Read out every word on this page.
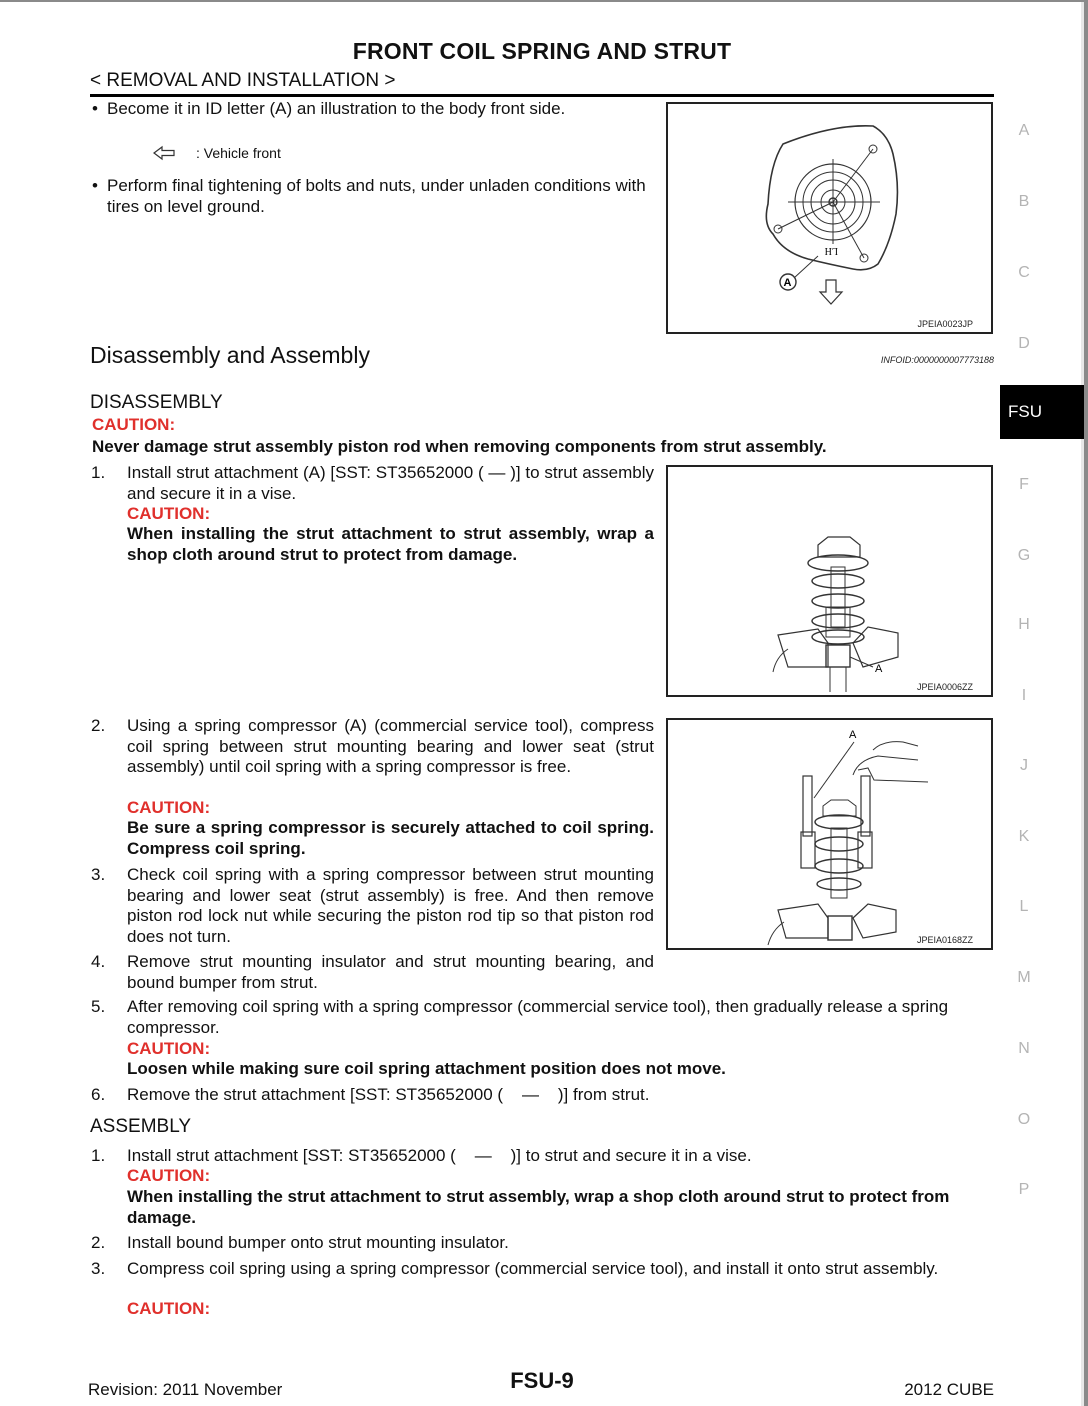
FRONT COIL SPRING AND STRUT
< REMOVAL AND INSTALLATION >
• Become it in ID letter (A) an illustration to the body front side.
: Vehicle front
• Perform final tightening of bolts and nuts, under unladen conditions with tires on level ground.
LH
A
JPEIA0023JP
Disassembly and Assembly	INFOID:0000000007773188
DISASSEMBLY
CAUTION:
Never damage strut assembly piston rod when removing components from strut assembly.
1. Install strut attachment (A) [SST: ST35652000 ( — )] to strut assembly and secure it in a vise.
CAUTION:
When installing the strut attachment to strut assembly, wrap a shop cloth around strut to protect from damage.
A
JPEIA0006ZZ
2. Using a spring compressor (A) (commercial service tool), compress coil spring between strut mounting bearing and lower seat (strut assembly) until coil spring with a spring compressor is free.
CAUTION:
Be sure a spring compressor is securely attached to coil spring. Compress coil spring.
A
JPEIA0168ZZ
3. Check coil spring with a spring compressor between strut mounting bearing and lower seat (strut assembly) is free. And then remove piston rod lock nut while securing the piston rod tip so that piston rod does not turn.
4. Remove strut mounting insulator and strut mounting bearing, and bound bumper from strut.
5. After removing coil spring with a spring compressor (commercial service tool), then gradually release a spring compressor.
CAUTION:
Loosen while making sure coil spring attachment position does not move.
6. Remove the strut attachment [SST: ST35652000 (    —    )] from strut.
ASSEMBLY
1. Install strut attachment [SST: ST35652000 (    —    )] to strut and secure it in a vise.
CAUTION:
When installing the strut attachment to strut assembly, wrap a shop cloth around strut to protect from damage.
2. Install bound bumper onto strut mounting insulator.
3. Compress coil spring using a spring compressor (commercial service tool), and install it onto strut assembly.
CAUTION:
A
B
C
D
FSU
F
G
H
I
J
K
L
M
N
O
P
Revision: 2011 November	FSU-9	2012 CUBE
